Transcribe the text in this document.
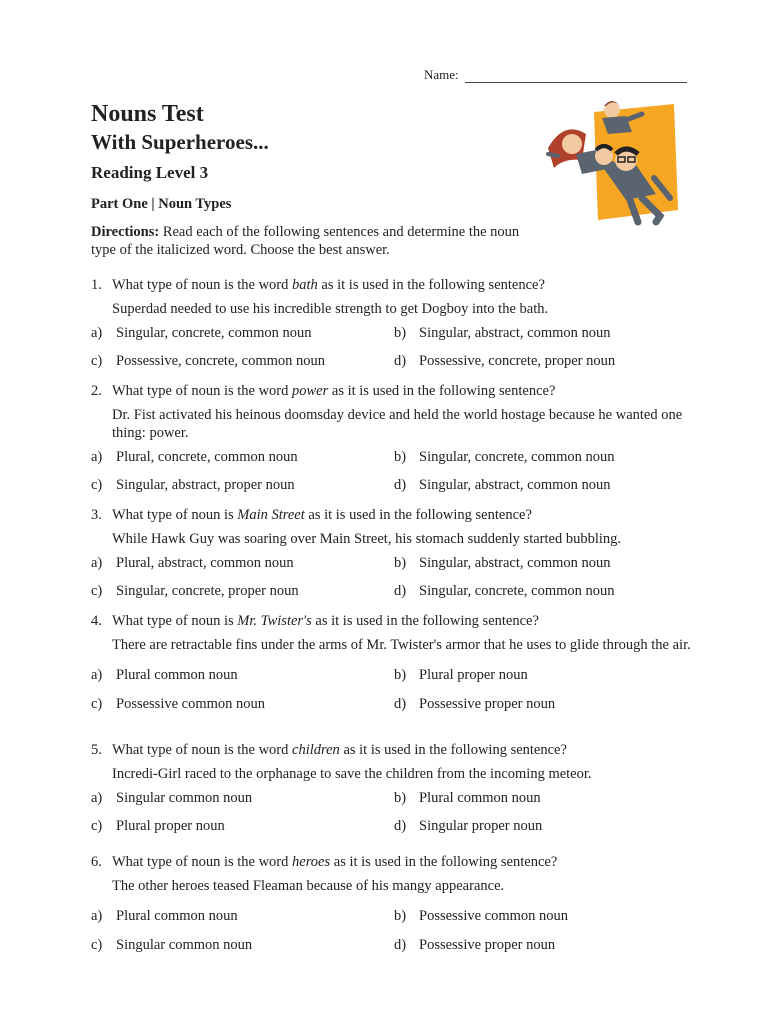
Name:
Nouns Test
With Superheroes...
Reading Level 3
Part One | Noun Types

Directions: Read each of the following sentences and determine the noun type of the italicized word. Choose the best answer.

1. What type of noun is the word bath as it is used in the following sentence?
Superdad needed to use his incredible strength to get Dogboy into the bath.
a) Singular, concrete, common noun	b) Singular, abstract, common noun
c) Possessive, concrete, common noun	d) Possessive, concrete, proper noun
2. What type of noun is the word power as it is used in the following sentence?
Dr. Fist activated his heinous doomsday device and held the world hostage because he wanted one thing: power.
a) Plural, concrete, common noun	b) Singular, concrete, common noun
c) Singular, abstract, proper noun	d) Singular, abstract, common noun
3. What type of noun is Main Street as it is used in the following sentence?
While Hawk Guy was soaring over Main Street, his stomach suddenly started bubbling.
a) Plural, abstract, common noun	b) Singular, abstract, common noun
c) Singular, concrete, proper noun	d) Singular, concrete, common noun
4. What type of noun is Mr. Twister's as it is used in the following sentence?
There are retractable fins under the arms of Mr. Twister's armor that he uses to glide through the air.
a) Plural common noun	b) Plural proper noun
c) Possessive common noun	d) Possessive proper noun
5. What type of noun is the word children as it is used in the following sentence?
Incredi-Girl raced to the orphanage to save the children from the incoming meteor.
a) Singular common noun	b) Plural common noun
c) Plural proper noun	d) Singular proper noun
6. What type of noun is the word heroes as it is used in the following sentence?
The other heroes teased Fleaman because of his mangy appearance.
a) Plural common noun	b) Possessive common noun
c) Singular common noun	d) Possessive proper noun
